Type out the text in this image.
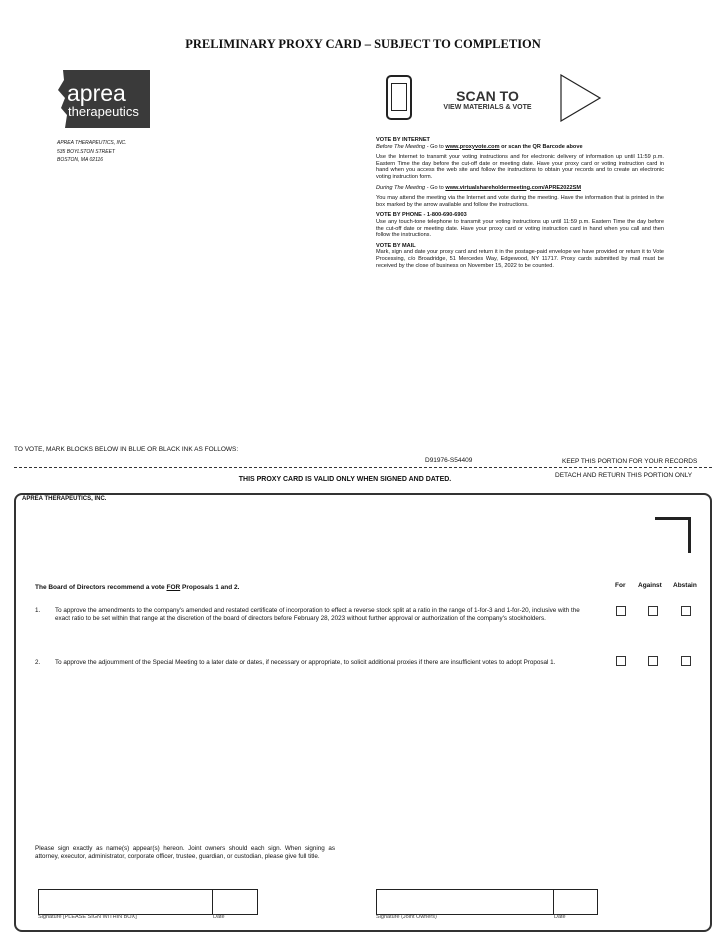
PRELIMINARY PROXY CARD – SUBJECT TO COMPLETION
aprea
therapeutics
APREA THERAPEUTICS, INC.
535 BOYLSTON STREET
BOSTON, MA 02116
SCAN TO
VIEW MATERIALS & VOTE
VOTE BY INTERNET

Before The Meeting - Go to www.proxyvote.com or scan the QR Barcode above

Use the Internet to transmit your voting instructions and for electronic delivery of information up until 11:59 p.m. Eastern Time the day before the cut-off date or meeting date. Have your proxy card or voting instruction card in hand when you access the web site and follow the instructions to obtain your records and to create an electronic voting instruction form.

During The Meeting - Go to www.virtualshareholdermeeting.com/APRE2022SM

You may attend the meeting via the Internet and vote during the meeting. Have the information that is printed in the box marked by the arrow available and follow the instructions.

VOTE BY PHONE - 1-800-690-6903

Use any touch-tone telephone to transmit your voting instructions up until 11:59 p.m. Eastern Time the day before the cut-off date or meeting date. Have your proxy card or voting instruction card in hand when you call and then follow the instructions.

VOTE BY MAIL

Mark, sign and date your proxy card and return it in the postage-paid envelope we have provided or return it to Vote Processing, c/o Broadridge, 51 Mercedes Way, Edgewood, NY 11717. Proxy cards submitted by mail must be received by the close of business on November 15, 2022 to be counted.

TO VOTE, MARK BLOCKS BELOW IN BLUE OR BLACK INK AS FOLLOWS:
D91976-S54409	KEEP THIS PORTION FOR YOUR RECORDS
THIS PROXY CARD IS VALID ONLY WHEN SIGNED AND DATED.
DETACH AND RETURN THIS PORTION ONLY
APREA THERAPEUTICS, INC.
The Board of Directors recommend a vote FOR Proposals 1 and 2.	For Against Abstain
1. To approve the amendments to the company's amended and restated certificate of incorporation to effect a reverse stock split at a ratio in the range of 1-for-3 and 1-for-20, inclusive with the exact ratio to be set within that range at the discretion of the board of directors before February 28, 2023 without further approval or authorization of the company's stockholders.
2. To approve the adjournment of the Special Meeting to a later date or dates, if necessary or appropriate, to solicit additional proxies if there are insufficient votes to adopt Proposal 1.
Please sign exactly as name(s) appear(s) hereon. Joint owners should each sign. When signing as attorney, executor, administrator, corporate officer, trustee, guardian, or custodian, please give full title.
Signature [PLEASE SIGN WITHIN BOX]	Date	Signature (Joint Owners)	Date
